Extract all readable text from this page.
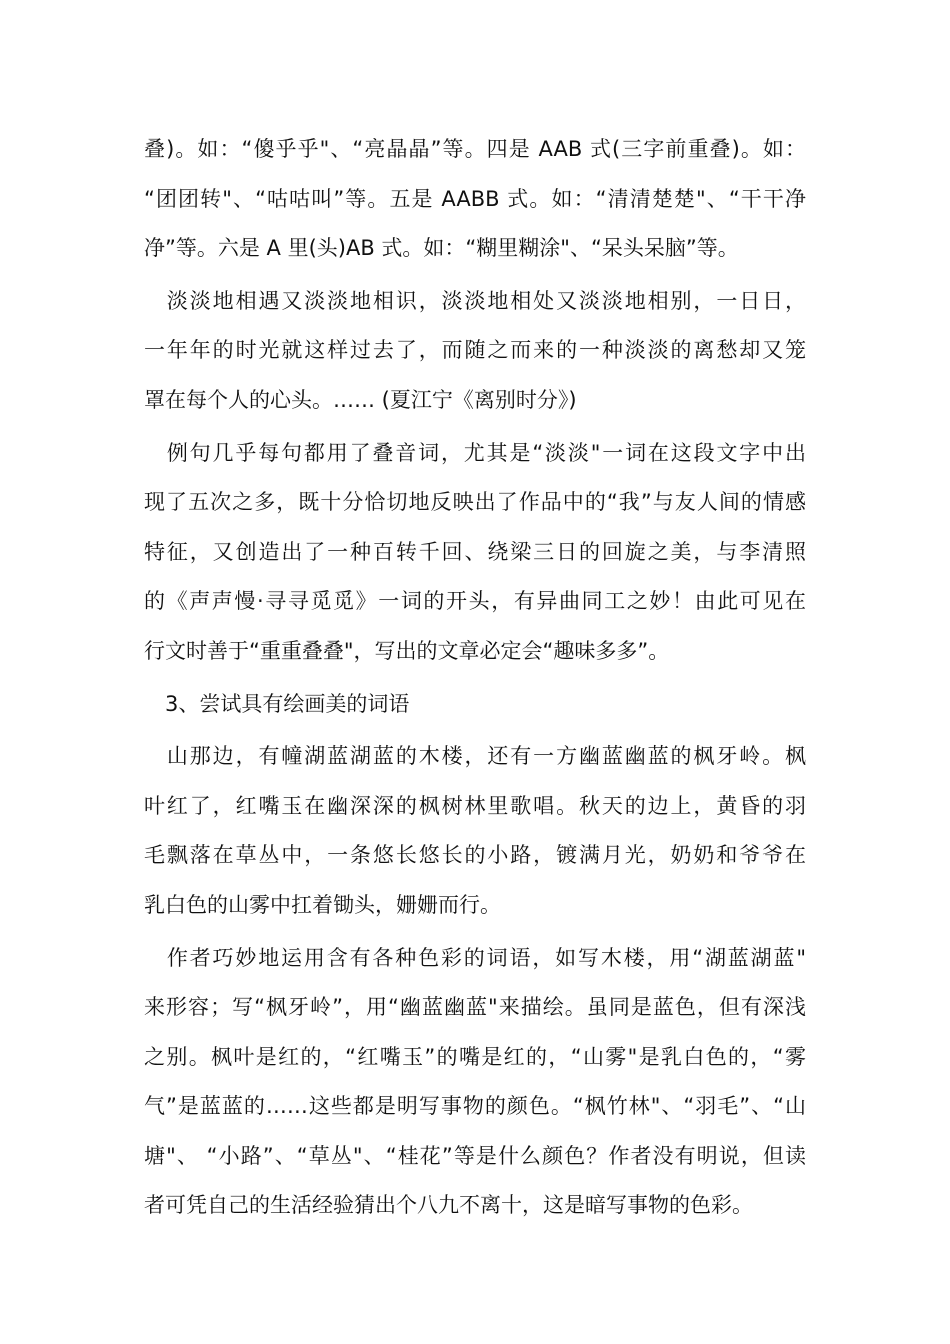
叠)。如：“傻乎乎"、“亮晶晶”等。四是 AAB 式(三字前重叠)。如：
“团团转"、“咕咕叫”等。五是 AABB 式。如：“清清楚楚"、“干干净
净”等。六是 A 里(头)AB 式。如：“糊里糊涂"、“呆头呆脑”等。
　淡淡地相遇又淡淡地相识，淡淡地相处又淡淡地相别，一日日，
一年年的时光就这样过去了，而随之而来的一种淡淡的离愁却又笼
罩在每个人的心头。…… (夏江宁《离别时分》)
　例句几乎每句都用了叠音词，尤其是“淡淡"一词在这段文字中出
现了五次之多，既十分恰切地反映出了作品中的“我”与友人间的情感
特征，又创造出了一种百转千回、绕梁三日的回旋之美，与李清照
的《声声慢·寻寻觅觅》一词的开头，有异曲同工之妙！由此可见在
行文时善于“重重叠叠"，写出的文章必定会“趣味多多”。
　3、尝试具有绘画美的词语
　山那边，有幢湖蓝湖蓝的木楼，还有一方幽蓝幽蓝的枫牙岭。枫
叶红了，红嘴玉在幽深深的枫树林里歌唱。秋天的边上，黄昏的羽
毛飘落在草丛中，一条悠长悠长的小路，镀满月光，奶奶和爷爷在
乳白色的山雾中扛着锄头，姗姗而行。
　作者巧妙地运用含有各种色彩的词语，如写木楼，用“湖蓝湖蓝"
来形容；写“枫牙岭”，用“幽蓝幽蓝"来描绘。虽同是蓝色，但有深浅
之别。枫叶是红的，“红嘴玉”的嘴是红的，“山雾"是乳白色的，“雾
气”是蓝蓝的……这些都是明写事物的颜色。“枫竹林"、“羽毛”、“山
塘"、 “小路”、“草丛"、“桂花”等是什么颜色？作者没有明说，但读
者可凭自己的生活经验猜出个八九不离十，这是暗写事物的色彩。
